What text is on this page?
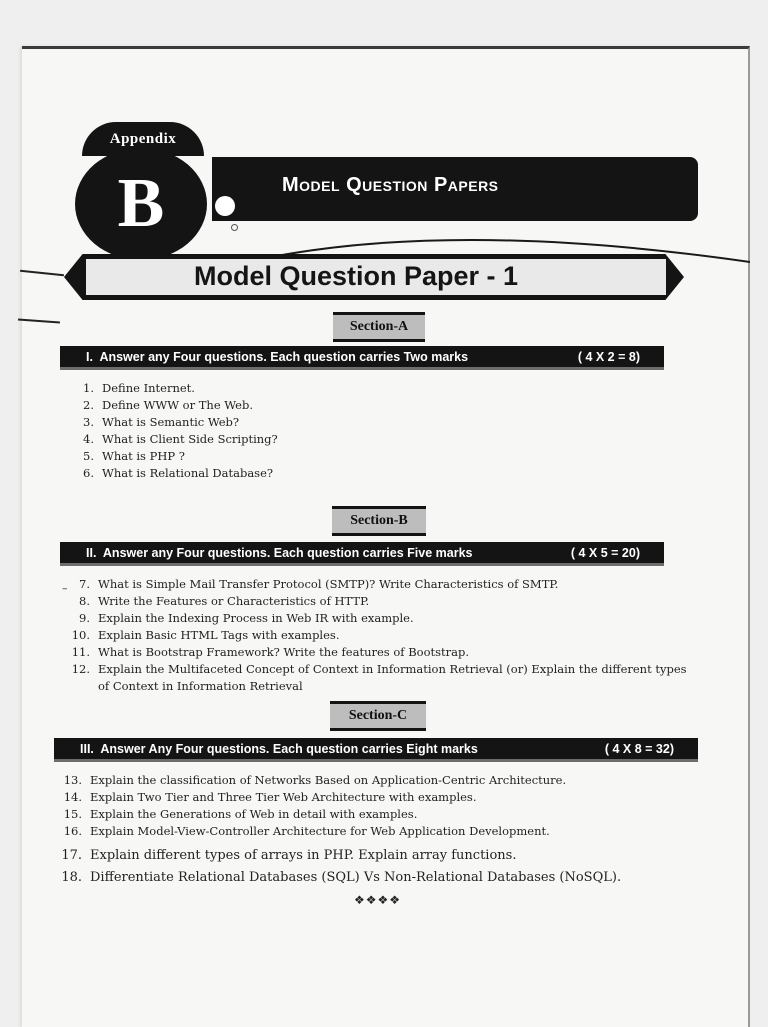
Appendix
B	Model Question Papers
Model Question Paper - 1
Section-A
I. Answer any Four questions. Each question carries Two marks	( 4 X 2 = 8)
1. Define Internet.
2. Define WWW or The Web.
3. What is Semantic Web?
4. What is Client Side Scripting?
5. What is PHP ?
6. What is Relational Database?
Section-B
II. Answer any Four questions. Each question carries Five marks	( 4 X 5 = 20)
–	7. What is Simple Mail Transfer Protocol (SMTP)? Write Characteristics of SMTP.
8. Write the Features or Characteristics of HTTP.
9. Explain the Indexing Process in Web IR with example.
10. Explain Basic HTML Tags with examples.
11. What is Bootstrap Framework? Write the features of Bootstrap.
12. Explain the Multifaceted Concept of Context in Information Retrieval (or) Explain the different types of Context in Information Retrieval
Section-C
III. Answer Any Four questions. Each question carries Eight marks	( 4 X 8 = 32)
13. Explain the classification of Networks Based on Application-Centric Architecture.
14. Explain Two Tier and Three Tier Web Architecture with examples.
15. Explain the Generations of Web in detail with examples.
16. Explain Model-View-Controller Architecture for Web Application Development.
17. Explain different types of arrays in PHP. Explain array functions.
18. Differentiate Relational Databases (SQL) Vs Non-Relational Databases (NoSQL).
❖❖❖❖
